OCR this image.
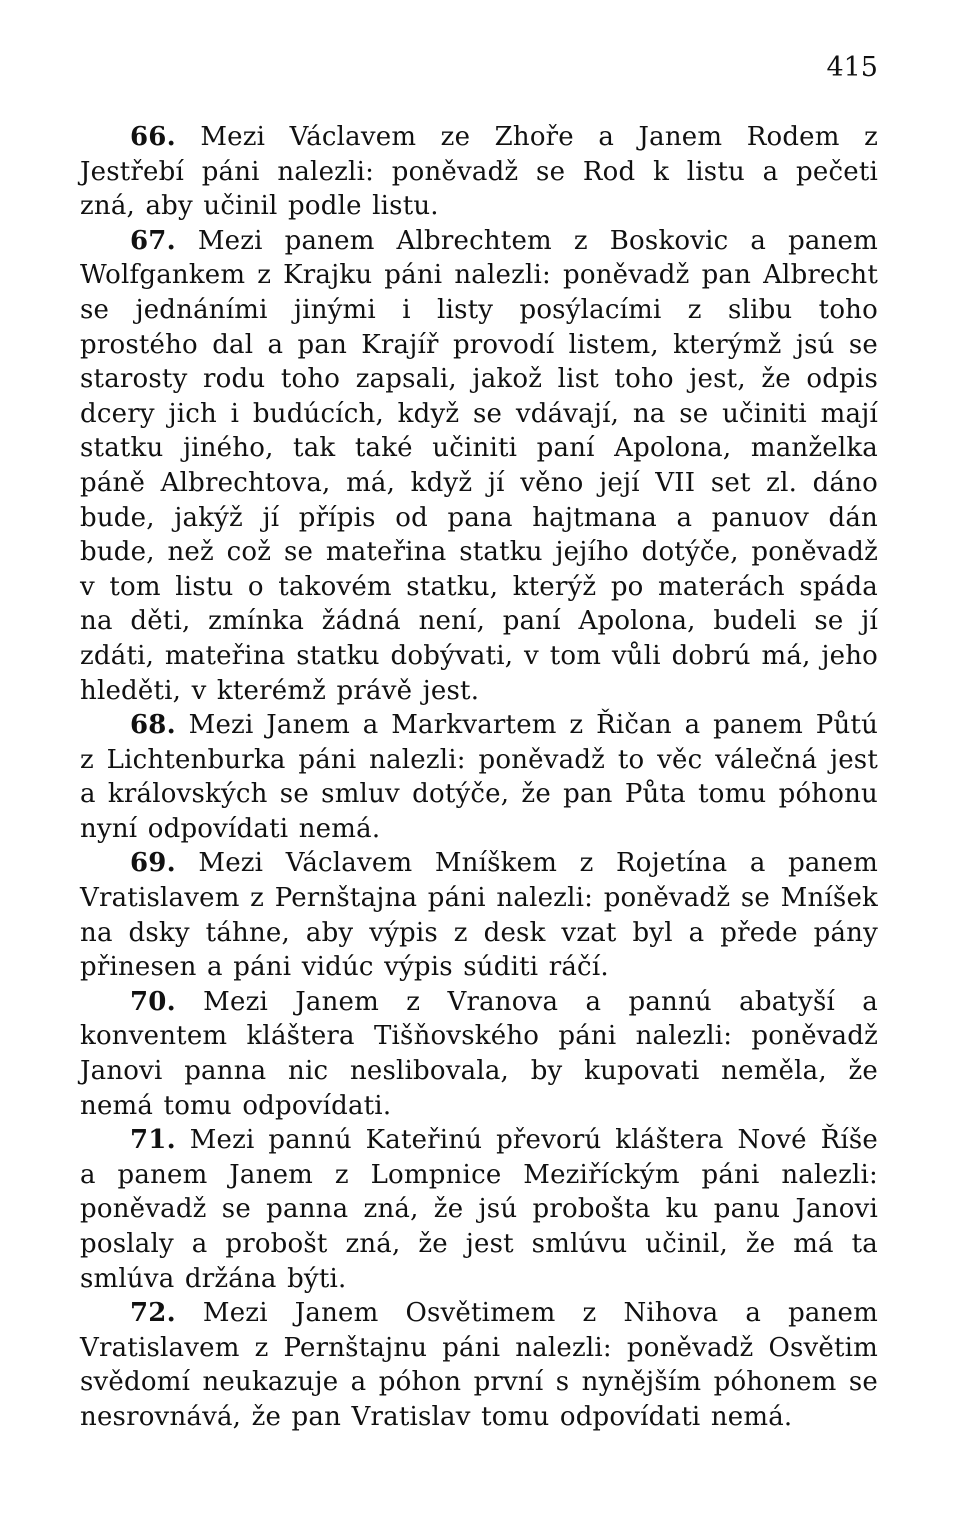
415

66. Mezi Václavem ze Zhoře a Janem Rodem z Jestřebí páni nalezli: poněvadž se Rod k listu a pečeti zná, aby učinil podle listu.

67. Mezi panem Albrechtem z Boskovic a panem Wolfgankem z Krajku páni nalezli: poněvadž pan Albrecht se jednáními jinými i listy posýlacími z slibu toho prostého dal a pan Krajíř provodí listem, kterýmž jsú se starosty rodu toho zapsali, jakož list toho jest, že odpis dcery jich i budúcích, když se vdávají, na se učiniti mají statku jiného, tak také učiniti paní Apolona, manželka páně Albrechtova, má, když jí věno její VII set zl. dáno bude, jakýž jí přípis od pana hajtmana a panuov dán bude, než což se mateřina statku jejího dotýče, poněvadž v tom listu o takovém statku, kterýž po materách spáda na děti, zmínka žádná není, paní Apolona, budeli se jí zdáti, mateřina statku dobývati, v tom vůli dobrú má, jeho hleděti, v kterémž právě jest.

68. Mezi Janem a Markvartem z Řičan a panem Půtú z Lichtenburka páni nalezli: poněvadž to věc válečná jest a královských se smluv dotýče, že pan Půta tomu póhonu nyní odpovídati nemá.

69. Mezi Václavem Mníškem z Rojetína a panem Vratislavem z Pernštajna páni nalezli: poněvadž se Mníšek na dsky táhne, aby výpis z desk vzat byl a přede pány přinesen a páni vidúc výpis súditi ráčí.

70. Mezi Janem z Vranova a pannú abatyší a konventem kláštera Tišňovského páni nalezli: poněvadž Janovi panna nic neslibovala, by kupovati neměla, že nemá tomu odpovídati.

71. Mezi pannú Kateřinú převorú kláštera Nové Říše a panem Janem z Lompnice Meziříckým páni nalezli: poněvadž se panna zná, že jsú probošta ku panu Janovi poslaly a probošt zná, že jest smlúvu učinil, že má ta smlúva držána býti.

72. Mezi Janem Osvětimem z Nihova a panem Vratislavem z Pernštajnu páni nalezli: poněvadž Osvětim svědomí neukazuje a póhon první s nynějším póhonem se nesrovnává, že pan Vratislav tomu odpovídati nemá.
